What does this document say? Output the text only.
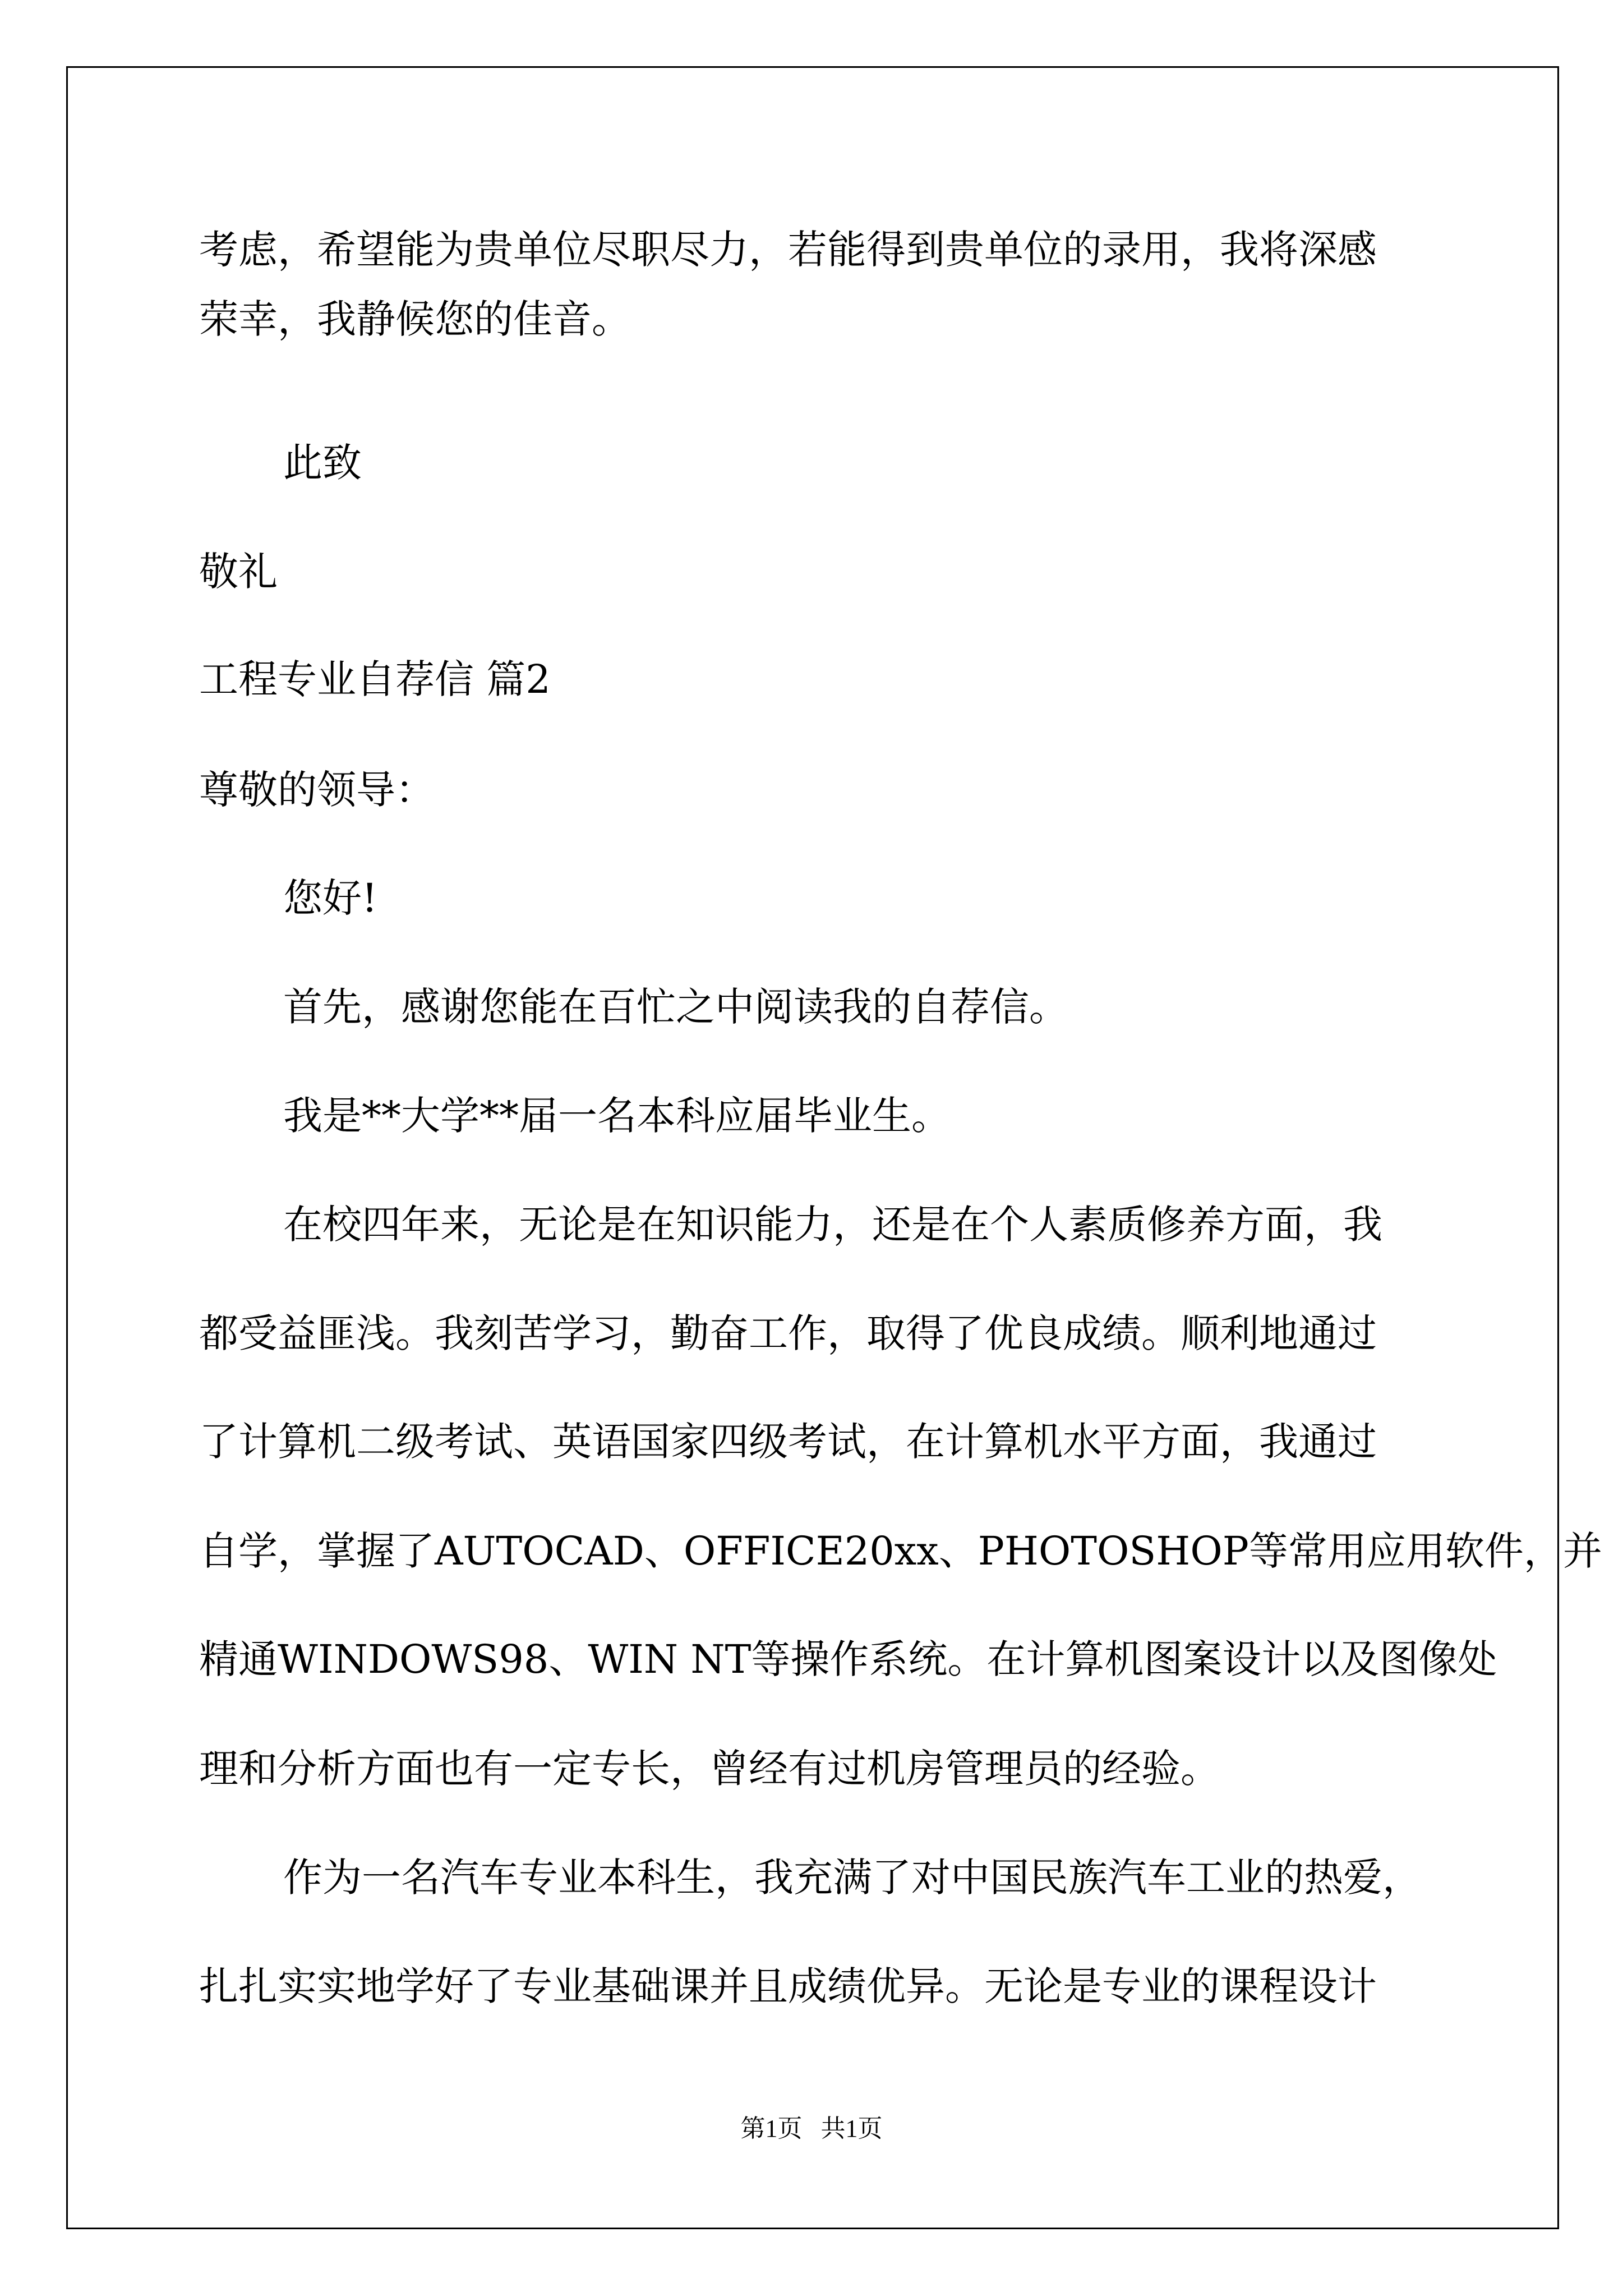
考虑，希望能为贵单位尽职尽力，若能得到贵单位的录用，我将深感

荣幸，我静候您的佳音。

此致

敬礼

工程专业自荐信 篇2

尊敬的领导：

您好!

首先，感谢您能在百忙之中阅读我的自荐信。

我是**大学**届一名本科应届毕业生。

在校四年来，无论是在知识能力，还是在个人素质修养方面，我

都受益匪浅。我刻苦学习，勤奋工作，取得了优良成绩。顺利地通过

了计算机二级考试、英语国家四级考试，在计算机水平方面，我通过

自学，掌握了AUTOCAD、OFFICE20xx、PHOTOSHOP等常用应用软件，并

精通WINDOWS98、WIN NT等操作系统。在计算机图案设计以及图像处

理和分析方面也有一定专长，曾经有过机房管理员的经验。

作为一名汽车专业本科生，我充满了对中国民族汽车工业的热爱，

扎扎实实地学好了专业基础课并且成绩优异。无论是专业的课程设计

第1页   共1页
